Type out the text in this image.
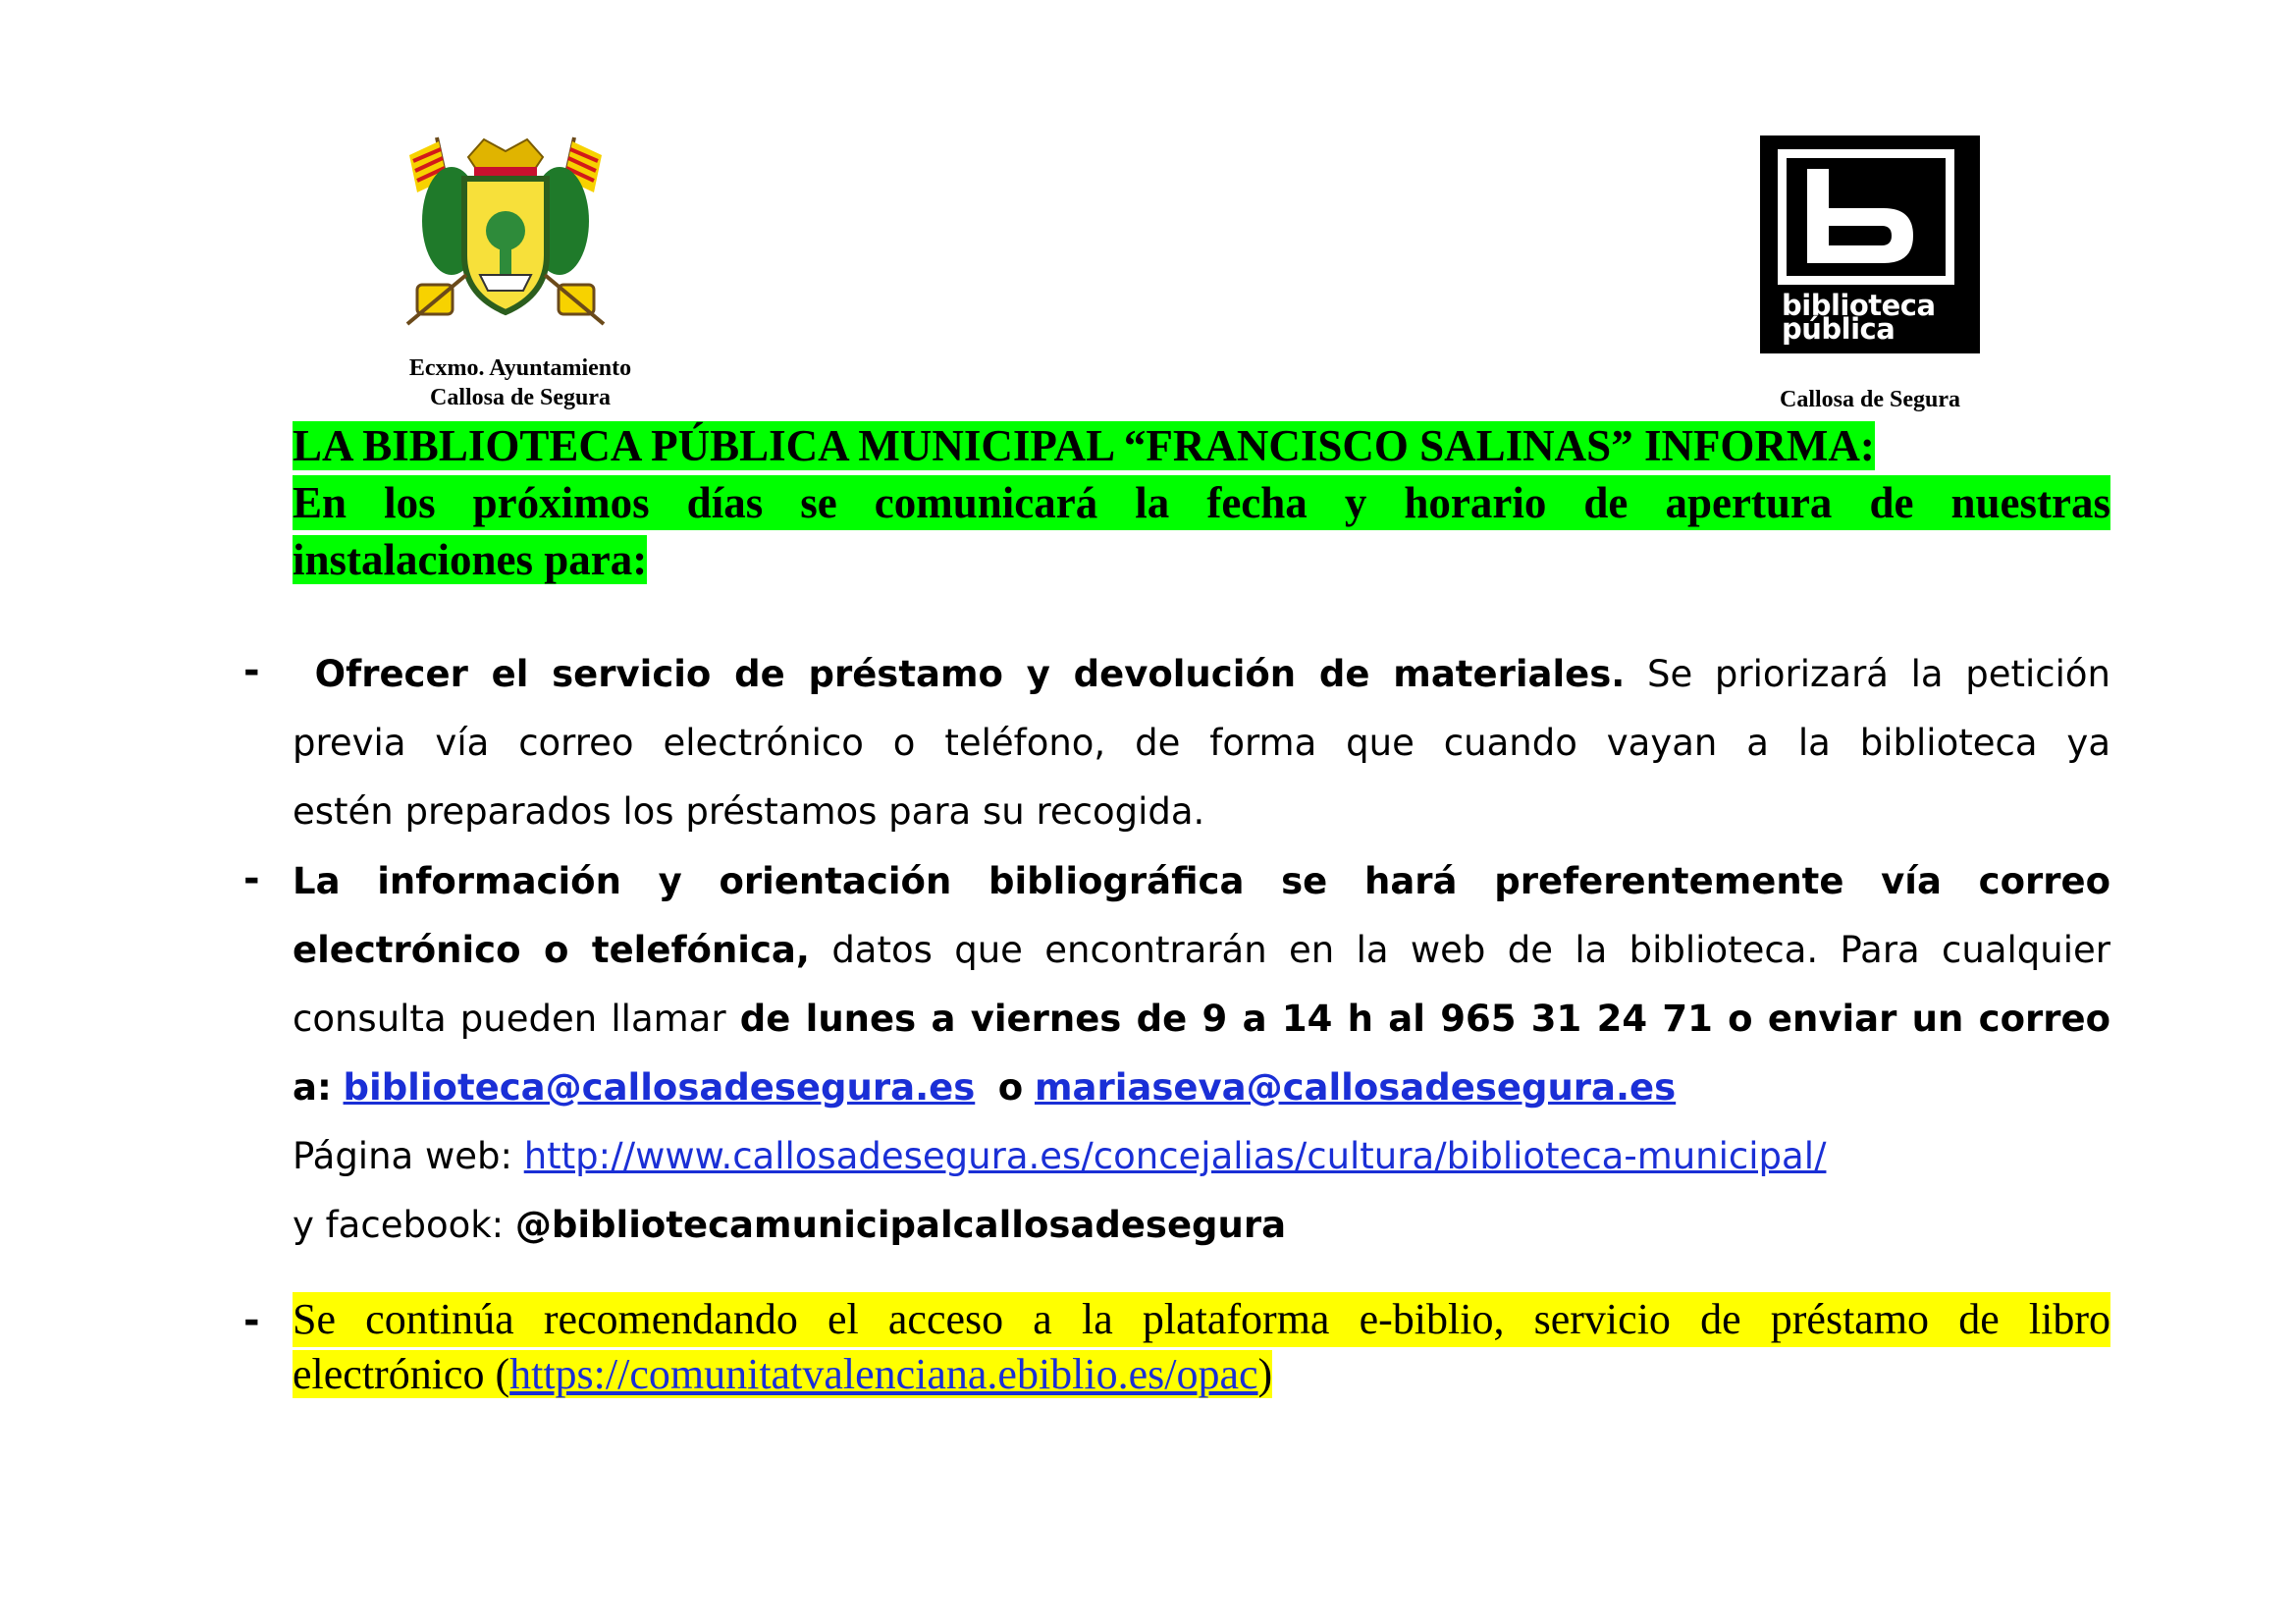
Ecxmo. Ayuntamiento
Callosa de Segura
biblioteca
pública
Callosa de Segura
LA BIBLIOTECA PÚBLICA MUNICIPAL “FRANCISCO SALINAS” INFORMA:
En los próximos días se comunicará la fecha y horario de apertura de nuestras
instalaciones para:
-	Ofrecer el servicio de préstamo y devolución de materiales. Se priorizará la petición
previa vía correo electrónico o teléfono, de forma que cuando vayan a la biblioteca ya
estén preparados los préstamos para su recogida.
- La información y orientación bibliográfica se hará preferentemente vía correo
electrónico o telefónica, datos que encontrarán en la web de la biblioteca. Para cualquier
consulta pueden llamar de lunes a viernes de 9 a 14 h al 965 31 24 71 o enviar un correo
a: biblioteca@callosadesegura.es o mariaseva@callosadesegura.es
Página web: http://www.callosadesegura.es/concejalias/cultura/biblioteca-municipal/
y facebook: @bibliotecamunicipalcallosadesegura
- Se continúa recomendando el acceso a la plataforma e-biblio, servicio de préstamo de libro
electrónico (https://comunitatvalenciana.ebiblio.es/opac)
